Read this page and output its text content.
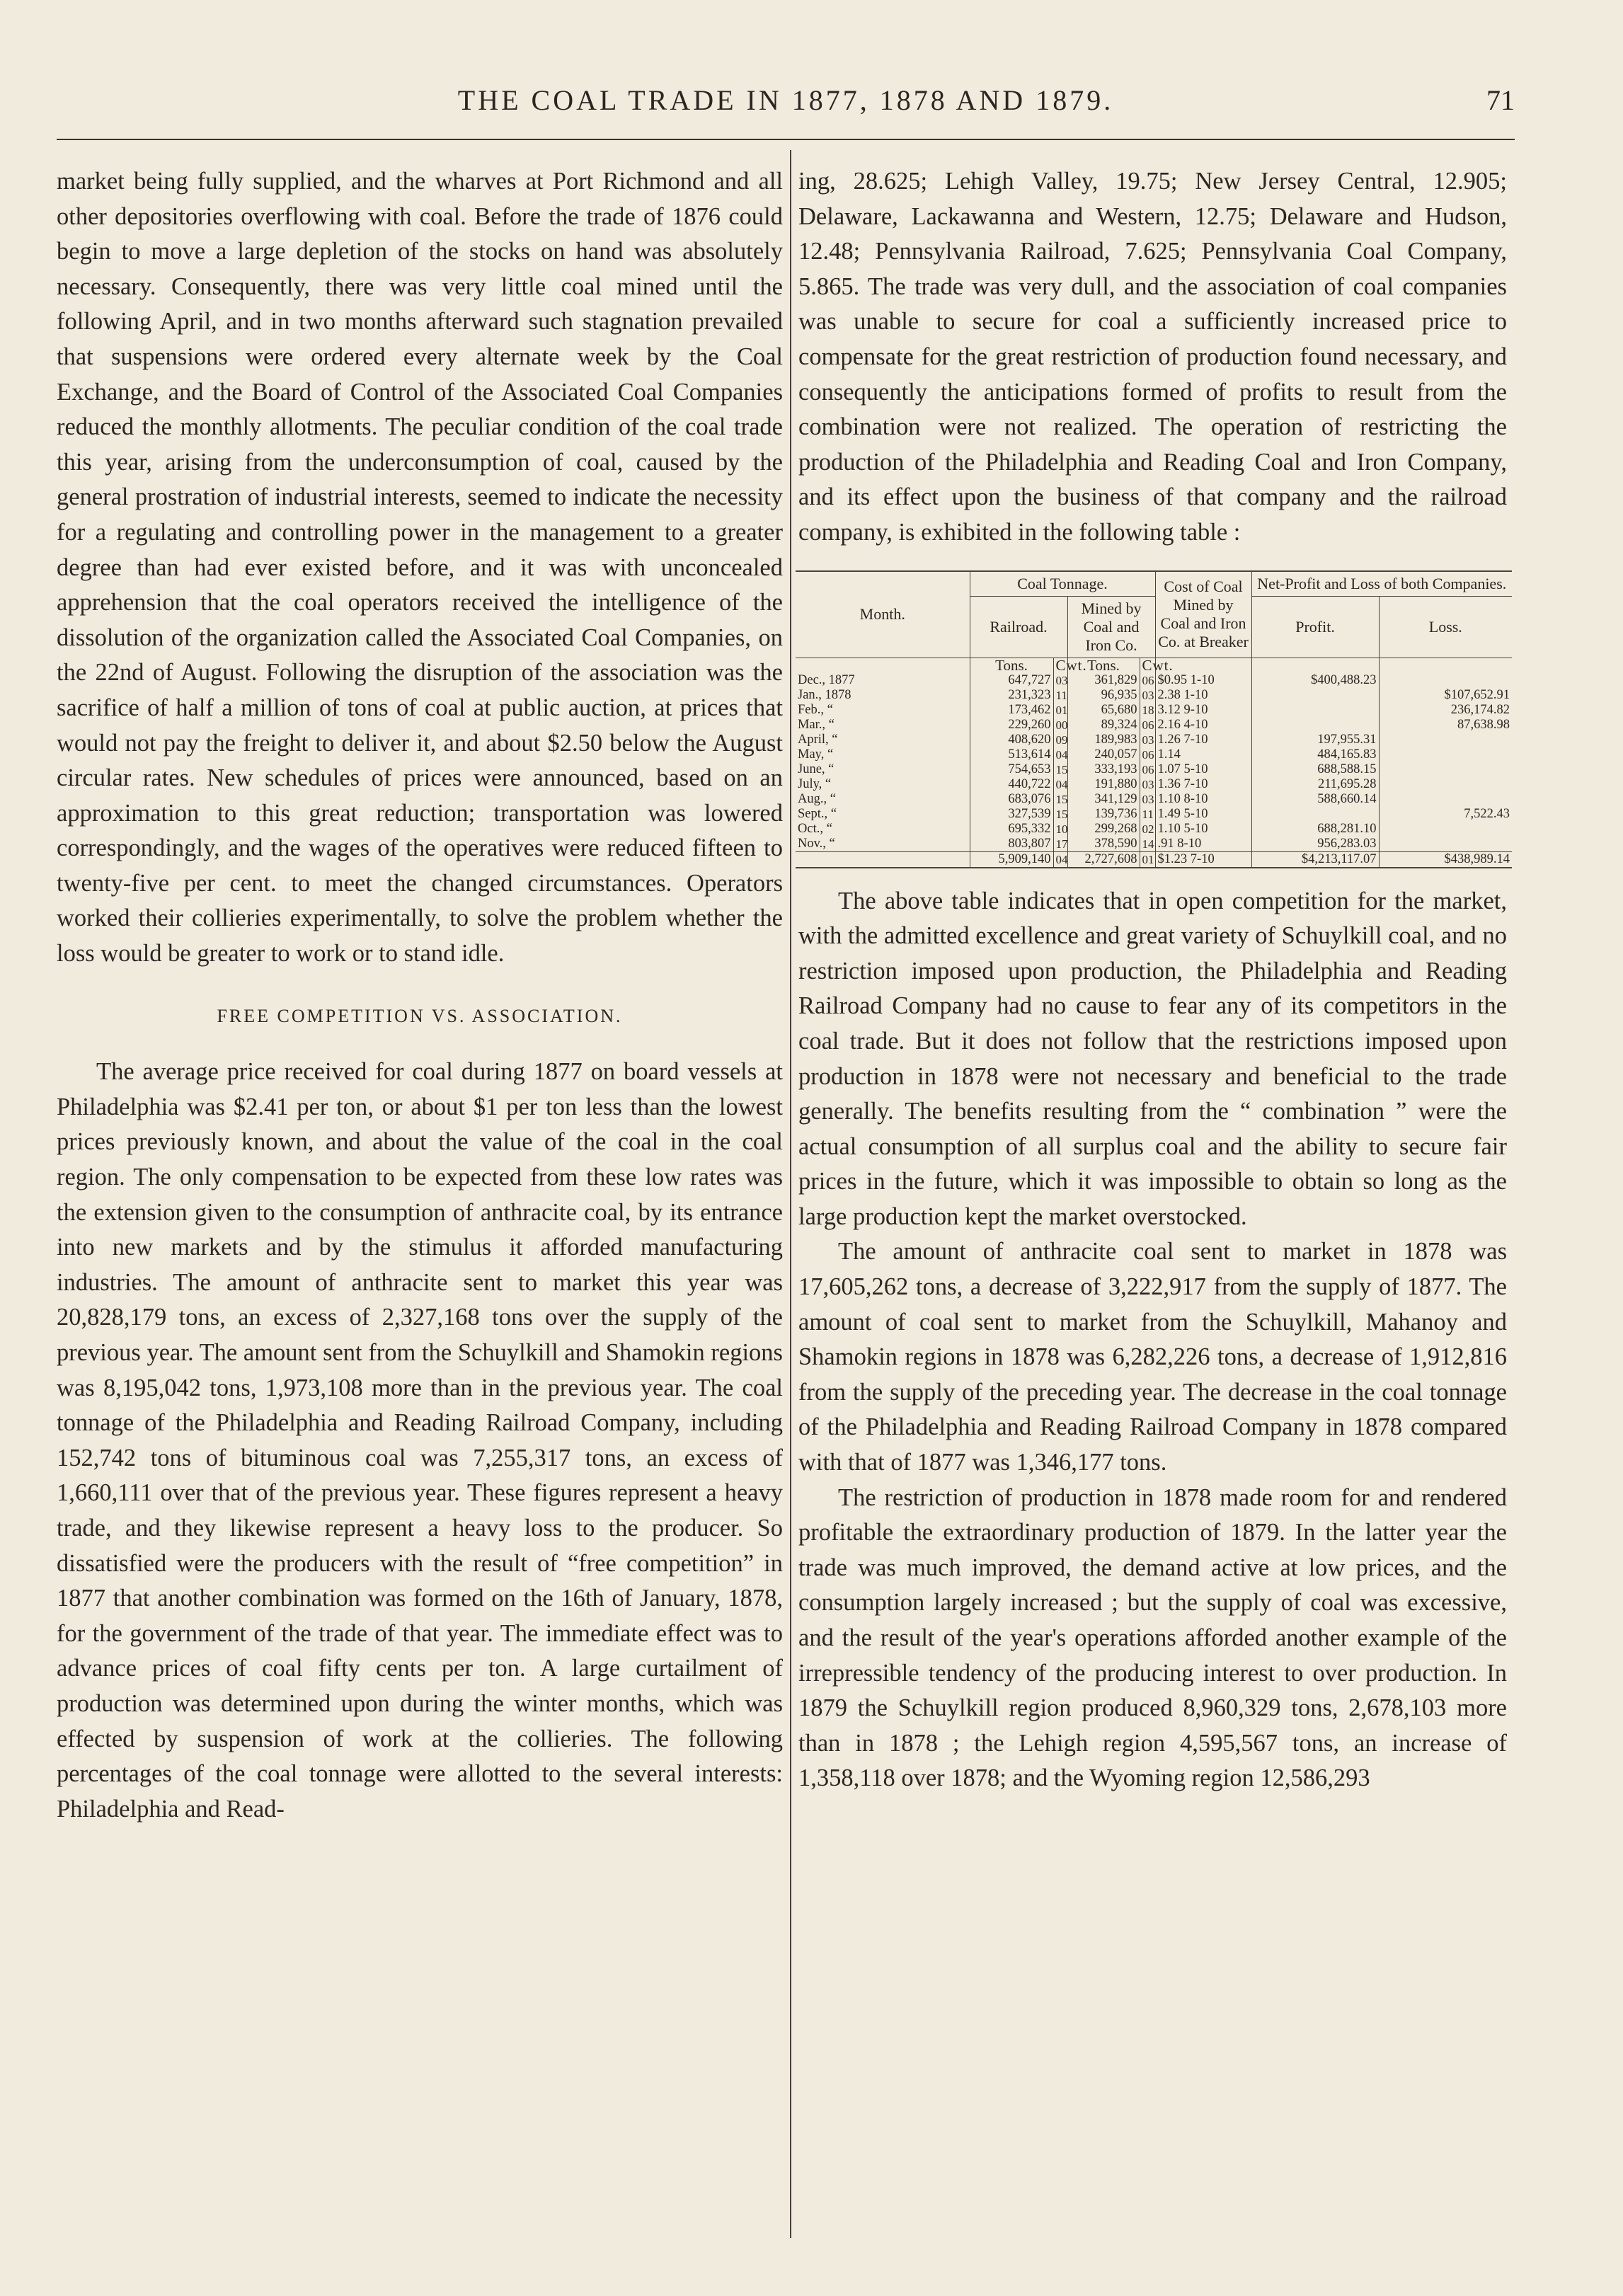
THE COAL TRADE IN 1877, 1878 AND 1879.	71

market being fully supplied, and the wharves at Port Richmond and all other depositories overflowing with coal. Before the trade of 1876 could begin to move a large depletion of the stocks on hand was absolutely necessary. Consequently, there was very little coal mined until the following April, and in two months afterward such stagnation prevailed that suspensions were ordered every alternate week by the Coal Exchange, and the Board of Control of the Associated Coal Companies reduced the monthly allotments. The peculiar condition of the coal trade this year, arising from the underconsumption of coal, caused by the general prostration of industrial interests, seemed to indicate the necessity for a regulating and controlling power in the management to a greater degree than had ever existed before, and it was with unconcealed apprehension that the coal operators received the intelligence of the dissolution of the organization called the Associated Coal Companies, on the 22nd of August. Following the disruption of the association was the sacrifice of half a million of tons of coal at public auction, at prices that would not pay the freight to deliver it, and about $2.50 below the August circular rates. New schedules of prices were announced, based on an approximation to this great reduction; transportation was lowered correspondingly, and the wages of the operatives were reduced fifteen to twenty-five per cent. to meet the changed circumstances. Operators worked their collieries experimentally, to solve the problem whether the loss would be greater to work or to stand idle.

FREE COMPETITION VS. ASSOCIATION.

The average price received for coal during 1877 on board vessels at Philadelphia was $2.41 per ton, or about $1 per ton less than the lowest prices previously known, and about the value of the coal in the coal region. The only compensation to be expected from these low rates was the extension given to the consumption of anthracite coal, by its entrance into new markets and by the stimulus it afforded manufacturing industries. The amount of anthracite sent to market this year was 20,828,179 tons, an excess of 2,327,168 tons over the supply of the previous year. The amount sent from the Schuylkill and Shamokin regions was 8,195,042 tons, 1,973,108 more than in the previous year. The coal tonnage of the Philadelphia and Reading Railroad Company, including 152,742 tons of bituminous coal was 7,255,317 tons, an excess of 1,660,111 over that of the previous year. These figures represent a heavy trade, and they likewise represent a heavy loss to the producer. So dissatisfied were the producers with the result of “free competition” in 1877 that another combination was formed on the 16th of January, 1878, for the government of the trade of that year. The immediate effect was to advance prices of coal fifty cents per ton. A large curtailment of production was determined upon during the winter months, which was effected by suspension of work at the collieries. The following percentages of the coal tonnage were allotted to the several interests: Philadelphia and Read-

ing, 28.625; Lehigh Valley, 19.75; New Jersey Central, 12.905; Delaware, Lackawanna and Western, 12.75; Delaware and Hudson, 12.48; Pennsylvania Railroad, 7.625; Pennsylvania Coal Company, 5.865. The trade was very dull, and the association of coal companies was unable to secure for coal a sufficiently increased price to compensate for the great restriction of production found necessary, and consequently the anticipations formed of profits to result from the combination were not realized. The operation of restricting the production of the Philadelphia and Reading Coal and Iron Company, and its effect upon the business of that company and the railroad company, is exhibited in the following table :

Month.	Coal Tonnage.				Cost of Coal Mined by Coal and Iron Co. at Breaker	Net-Profit and Loss of both Companies.	
	Railroad.		Mined by Coal and Iron Co.			Profit.	Loss.
	Tons.	Cwt.	Tons.	Cwt.			
Dec., 1877	647,727	03	361,829	06	$0.95 1-10	$400,488.23	
Jan., 1878	231,323	11	96,935	03	2.38 1-10		$107,652.91
Feb., “	173,462	01	65,680	18	3.12 9-10		236,174.82
Mar., “	229,260	00	89,324	06	2.16 4-10		87,638.98
April, “	408,620	09	189,983	03	1.26 7-10	197,955.31	
May, “	513,614	04	240,057	06	1.14	484,165.83	
June, “	754,653	15	333,193	06	1.07 5-10	688,588.15	
July, “	440,722	04	191,880	03	1.36 7-10	211,695.28	
Aug., “	683,076	15	341,129	03	1.10 8-10	588,660.14	
Sept., “	327,539	15	139,736	11	1.49 5-10		7,522.43
Oct., “	695,332	10	299,268	02	1.10 5-10	688,281.10	
Nov., “	803,807	17	378,590	14	.91 8-10	956,283.03	
	5,909,140	04	2,727,608	01	$1.23 7-10	$4,213,117.07	$438,989.14

The above table indicates that in open competition for the market, with the admitted excellence and great variety of Schuylkill coal, and no restriction imposed upon production, the Philadelphia and Reading Railroad Company had no cause to fear any of its competitors in the coal trade. But it does not follow that the restrictions imposed upon production in 1878 were not necessary and beneficial to the trade generally. The benefits resulting from the “ combination ” were the actual consumption of all surplus coal and the ability to secure fair prices in the future, which it was impossible to obtain so long as the large production kept the market overstocked.

The amount of anthracite coal sent to market in 1878 was 17,605,262 tons, a decrease of 3,222,917 from the supply of 1877. The amount of coal sent to market from the Schuylkill, Mahanoy and Shamokin regions in 1878 was 6,282,226 tons, a decrease of 1,912,816 from the supply of the preceding year. The decrease in the coal tonnage of the Philadelphia and Reading Railroad Company in 1878 compared with that of 1877 was 1,346,177 tons.

The restriction of production in 1878 made room for and rendered profitable the extraordinary production of 1879. In the latter year the trade was much improved, the demand active at low prices, and the consumption largely increased ; but the supply of coal was excessive, and the result of the year's operations afforded another example of the irrepressible tendency of the producing interest to over production. In 1879 the Schuylkill region produced 8,960,329 tons, 2,678,103 more than in 1878 ; the Lehigh region 4,595,567 tons, an increase of 1,358,118 over 1878; and the Wyoming region 12,586,293
